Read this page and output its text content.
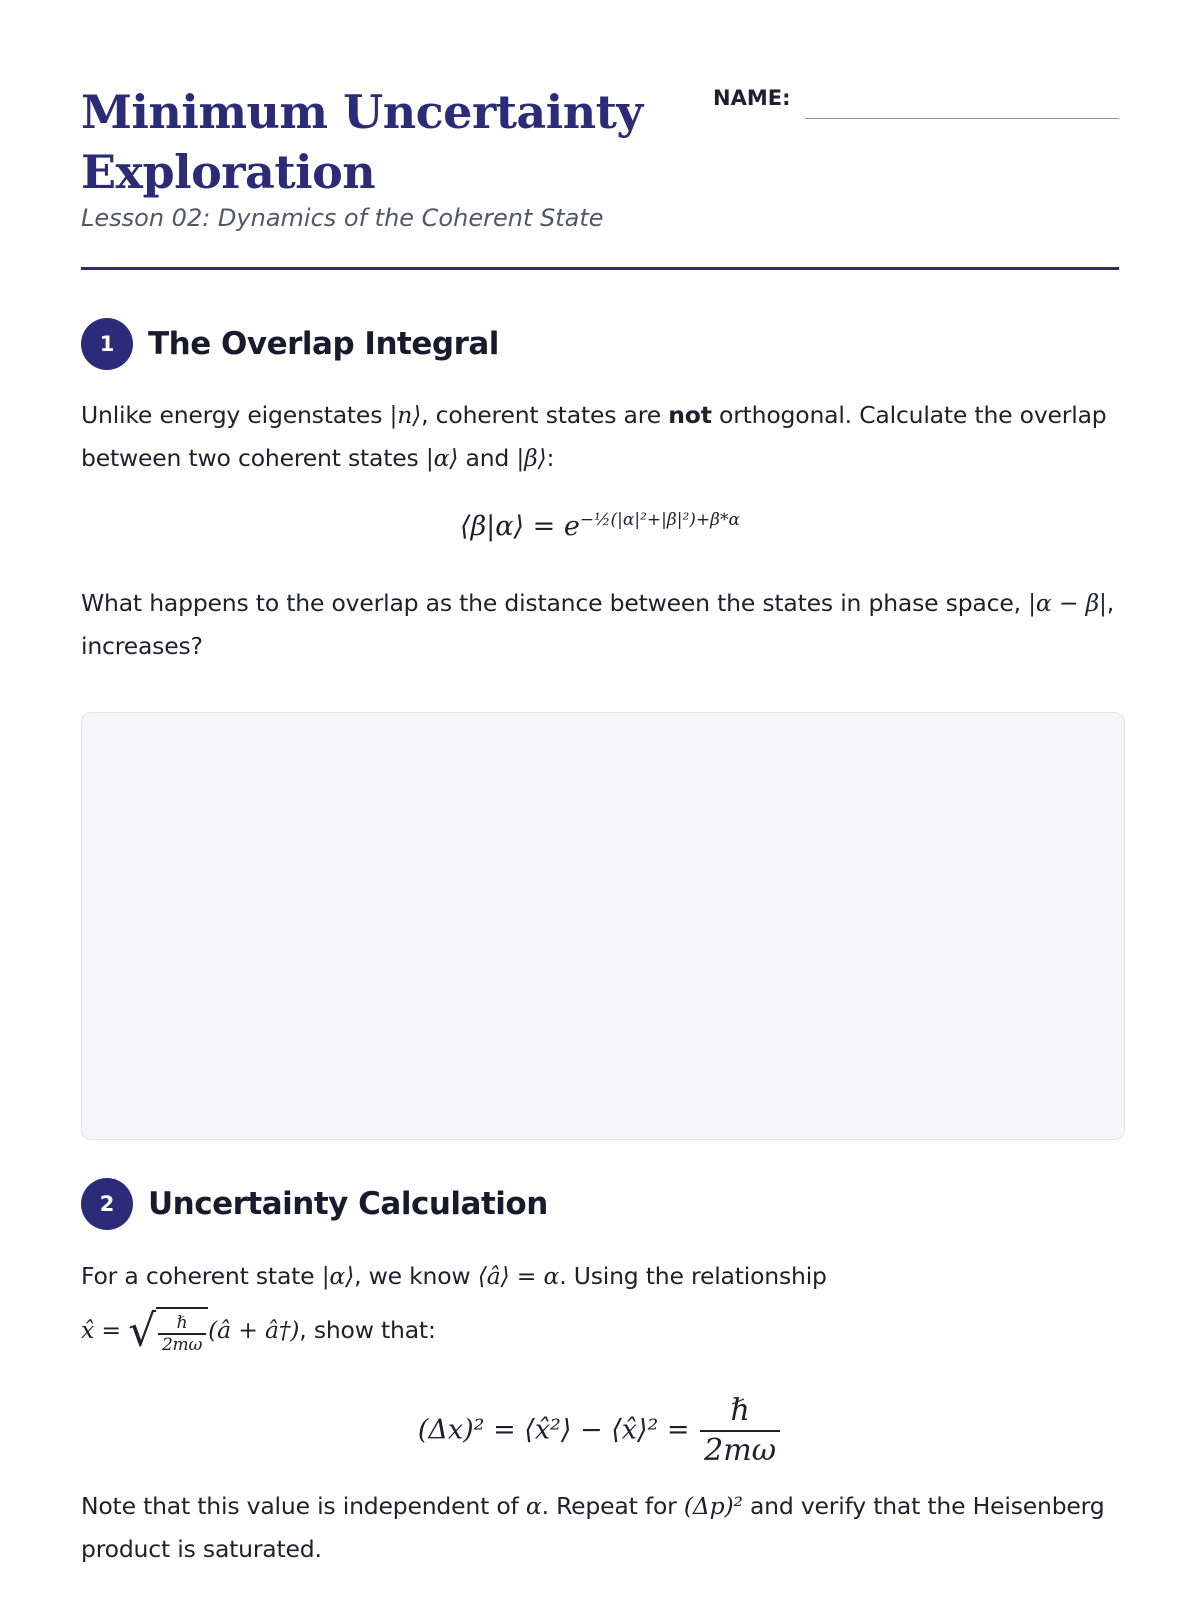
Minimum Uncertainty Exploration
Lesson 02: Dynamics of the Coherent State
NAME:
1	The Overlap Integral
Unlike energy eigenstates |n⟩, coherent states are not orthogonal. Calculate the overlap between two coherent states |α⟩ and |β⟩:
⟨β|α⟩ = $e^{-\frac{1}{2}(|\alpha|^2+|\beta|^2)+\beta*\alpha}$
What happens to the overlap as the distance between the states in phase space, |α − β|, increases?
2	Uncertainty Calculation
For a coherent state |α⟩, we know ⟨â⟩ = α. Using the relationship
x̂ = √ $\frac{\text{ℏ}}{2m\omega}$ (â + â†), show that:
(Δx)² = ⟨x̂²⟩ − ⟨x̂⟩² = $\frac{\text{ℏ}}{2m\omega}$
Note that this value is independent of α. Repeat for (Δp)² and verify that the Heisenberg product is saturated.
